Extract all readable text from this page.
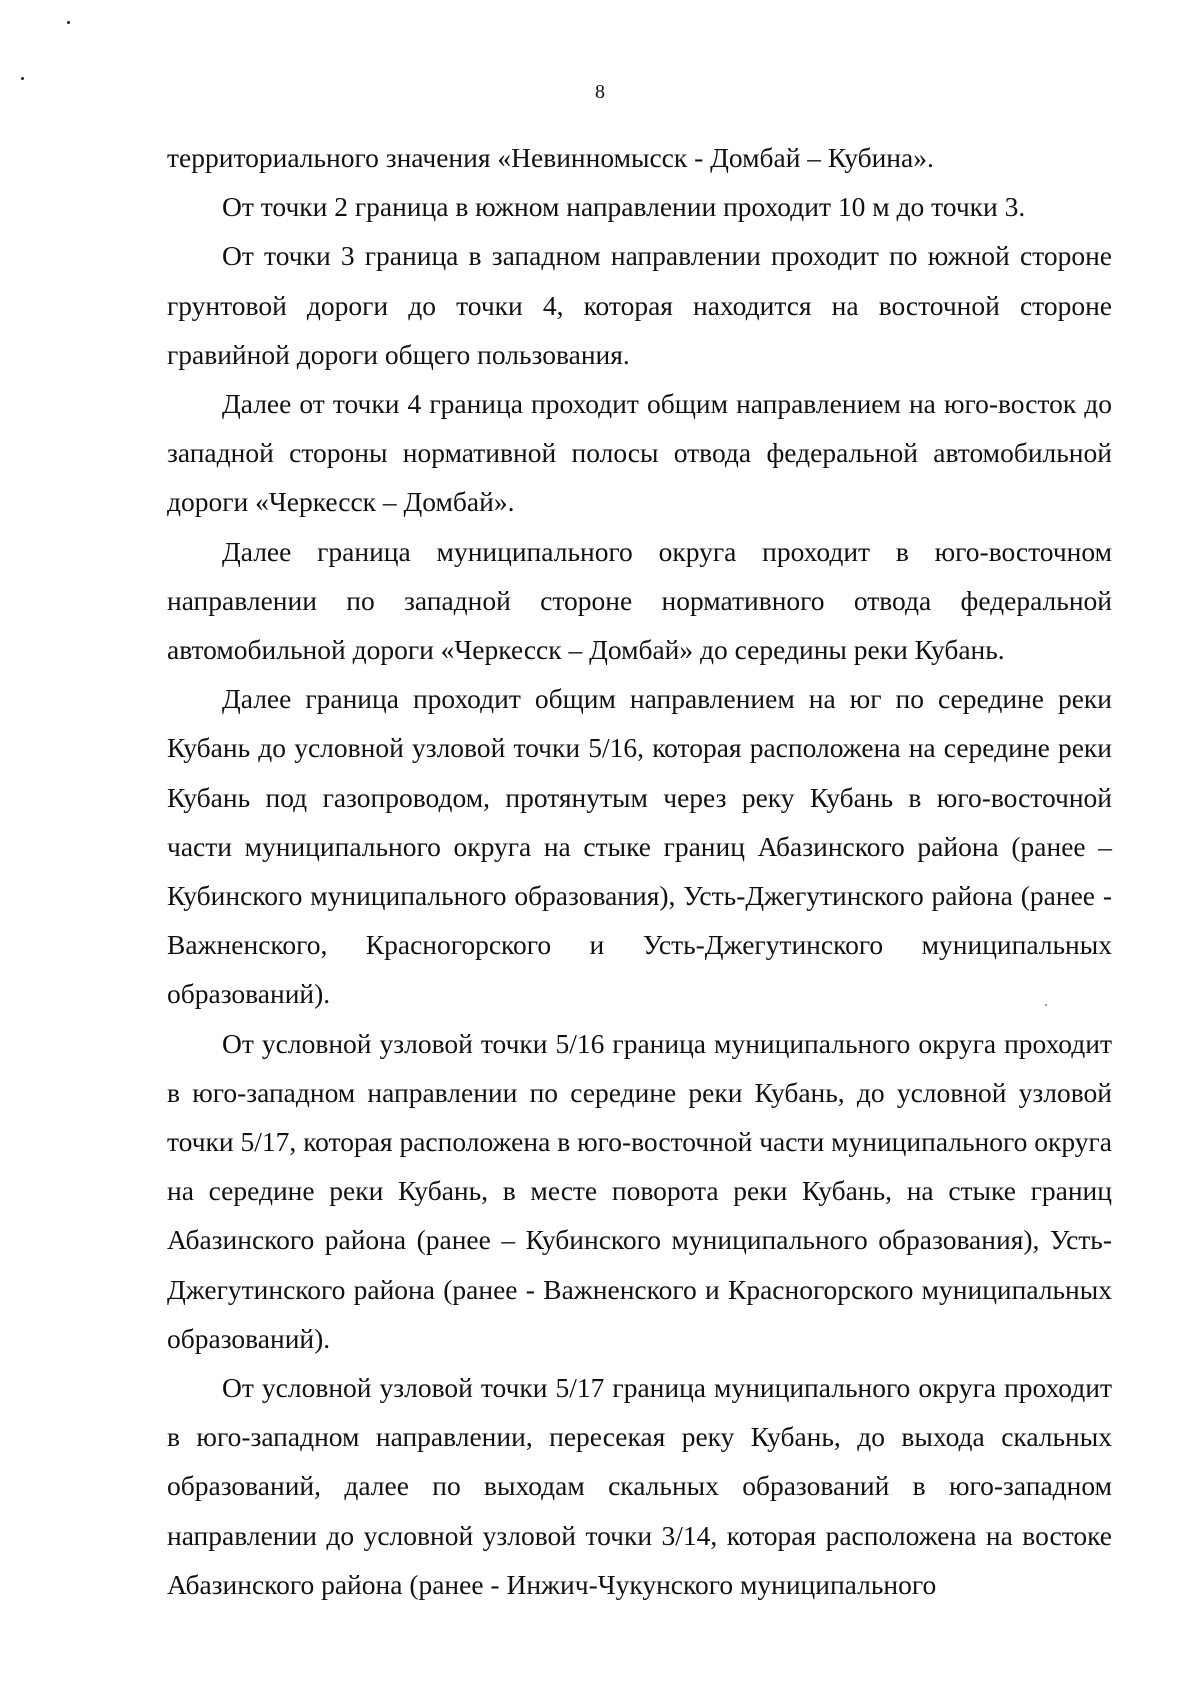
8

территориального значения «Невинномысск - Домбай – Кубина».

От точки 2 граница в южном направлении проходит 10 м до точки 3.

От точки 3 граница в западном направлении проходит по южной стороне грунтовой дороги до точки 4, которая находится на восточной стороне гравийной дороги общего пользования.

Далее от точки 4 граница проходит общим направлением на юго-восток до западной стороны нормативной полосы отвода федеральной автомобильной дороги «Черкесск – Домбай».

Далее граница муниципального округа проходит в юго-восточном направлении по западной стороне нормативного отвода федеральной автомобильной дороги «Черкесск – Домбай» до середины реки Кубань.

Далее граница проходит общим направлением на юг по середине реки Кубань до условной узловой точки 5/16, которая расположена на середине реки Кубань под газопроводом, протянутым через реку Кубань в юго-восточной части муниципального округа на стыке границ Абазинского района (ранее – Кубинского муниципального образования), Усть-Джегутинского района (ранее - Важненского, Красногорского и Усть-Джегутинского муниципальных образований).

От условной узловой точки 5/16 граница муниципального округа проходит в юго-западном направлении по середине реки Кубань, до условной узловой точки 5/17, которая расположена в юго-восточной части муниципального округа на середине реки Кубань, в месте поворота реки Кубань, на стыке границ Абазинского района (ранее – Кубинского муниципального образования), Усть-Джегутинского района (ранее - Важненского и Красногорского муниципальных образований).

От условной узловой точки 5/17 граница муниципального округа проходит в юго-западном направлении, пересекая реку Кубань, до выхода скальных образований, далее по выходам скальных образований в юго-западном направлении до условной узловой точки 3/14, которая расположена на востоке Абазинского района (ранее - Инжич-Чукунского муниципального
